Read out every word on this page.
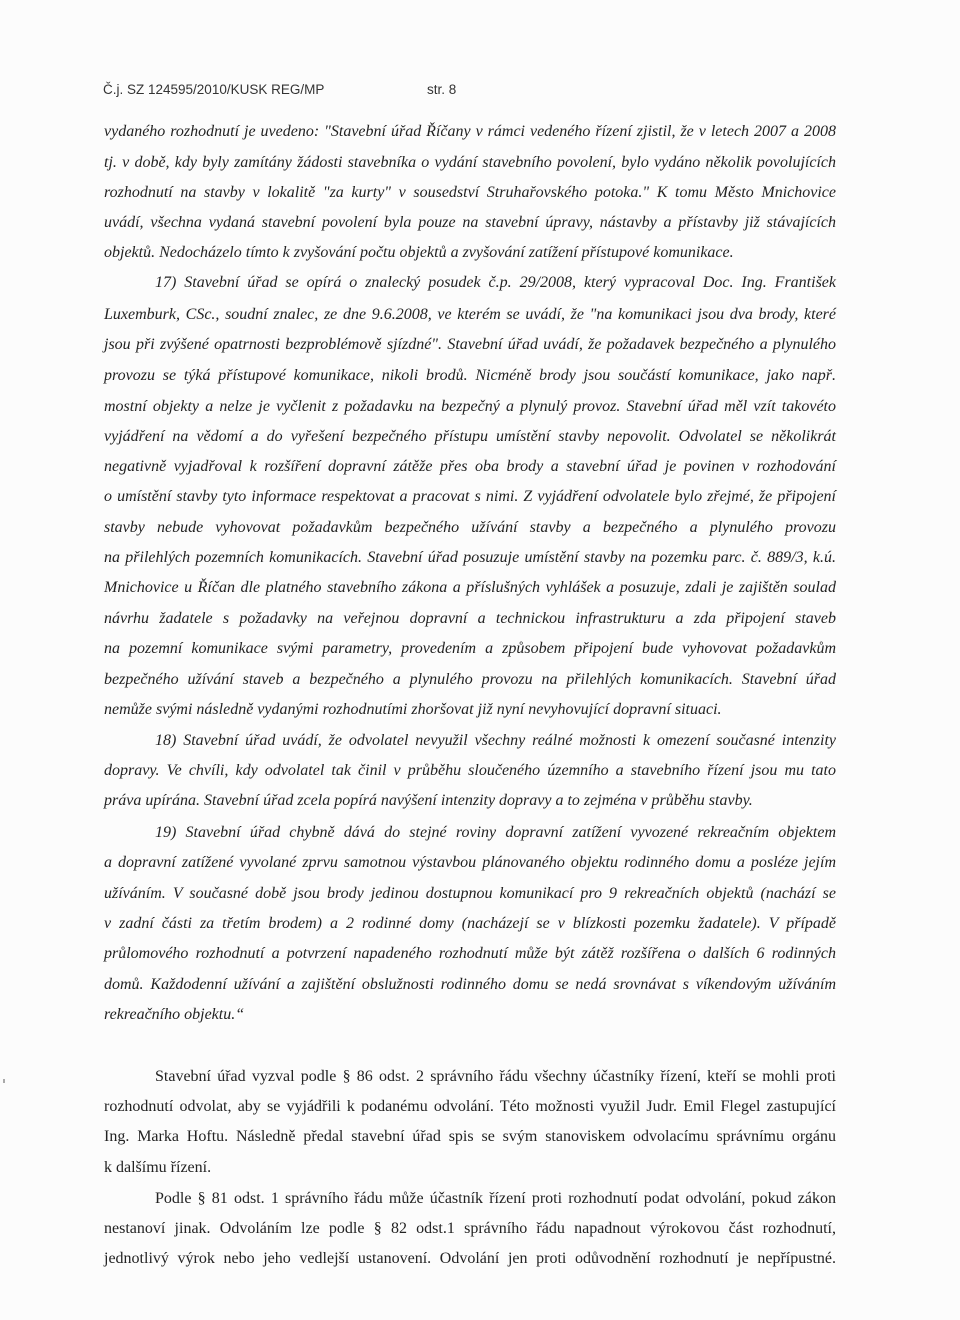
Č.j. SZ 124595/2010/KUSK REG/MP	str. 8
vydaného rozhodnutí je uvedeno: "Stavební úřad Říčany v rámci vedeného řízení zjistil, že v letech 2007 a 2008
tj. v době, kdy byly zamítány žádosti stavebníka o vydání stavebního povolení, bylo vydáno několik povolujících
rozhodnutí na stavby v lokalitě "za kurty" v sousedství Struhařovského potoka." K tomu Město Mnichovice
uvádí, všechna vydaná stavební povolení byla pouze na stavební úpravy, nástavby a přístavby již stávajících
objektů. Nedocházelo tímto k zvyšování počtu objektů a zvyšování zatížení přístupové komunikace.
17) Stavební úřad se opírá o znalecký posudek č.p. 29/2008, který vypracoval Doc. Ing. František
Luxemburk, CSc., soudní znalec, ze dne 9.6.2008, ve kterém se uvádí, že "na komunikaci jsou dva brody, které
jsou při zvýšené opatrnosti bezproblémově sjízdné". Stavební úřad uvádí, že požadavek bezpečného a plynulého
provozu se týká přístupové komunikace, nikoli brodů. Nicméně brody jsou součástí komunikace, jako např.
mostní objekty a nelze je vyčlenit z požadavku na bezpečný a plynulý provoz. Stavební úřad měl vzít takovéto
vyjádření na vědomí a do vyřešení bezpečného přístupu umístění stavby nepovolit. Odvolatel se několikrát
negativně vyjadřoval k rozšíření dopravní zátěže přes oba brody a stavební úřad je povinen v rozhodování
o umístění stavby tyto informace respektovat a pracovat s nimi. Z vyjádření odvolatele bylo zřejmé, že připojení
stavby nebude vyhovovat požadavkům bezpečného užívání stavby a bezpečného a plynulého provozu
na přilehlých pozemních komunikacích. Stavební úřad posuzuje umístění stavby na pozemku parc. č. 889/3, k.ú.
Mnichovice u Říčan dle platného stavebního zákona a příslušných vyhlášek a posuzuje, zdali je zajištěn soulad
návrhu žadatele s požadavky na veřejnou dopravní a technickou infrastrukturu a zda připojení staveb
na pozemní komunikace svými parametry, provedením a způsobem připojení bude vyhovovat požadavkům
bezpečného užívání staveb a bezpečného a plynulého provozu na přilehlých komunikacích. Stavební úřad
nemůže svými následně vydanými rozhodnutími zhoršovat již nyní nevyhovující dopravní situaci.
18) Stavební úřad uvádí, že odvolatel nevyužil všechny reálné možnosti k omezení současné intenzity
dopravy. Ve chvíli, kdy odvolatel tak činil v průběhu sloučeného územního a stavebního řízení jsou mu tato
práva upírána. Stavební úřad zcela popírá navýšení intenzity dopravy a to zejména v průběhu stavby.
19) Stavební úřad chybně dává do stejné roviny dopravní zatížení vyvozené rekreačním objektem
a dopravní zatížené vyvolané zprvu samotnou výstavbou plánovaného objektu rodinného domu a posléze jejím
užíváním. V současné době jsou brody jedinou dostupnou komunikací pro 9 rekreačních objektů (nachází se
v zadní části za třetím brodem) a 2 rodinné domy (nacházejí se v blízkosti pozemku žadatele). V případě
průlomového rozhodnutí a potvrzení napadeného rozhodnutí může být zátěž rozšířena o dalších 6 rodinných
domů. Každodenní užívání a zajištění obslužnosti rodinného domu se nedá srovnávat s víkendovým užíváním
rekreačního objektu.“
Stavební úřad vyzval podle § 86 odst. 2 správního řádu všechny účastníky řízení, kteří se mohli proti
rozhodnutí odvolat, aby se vyjádřili k podanému odvolání. Této možnosti využil Judr. Emil Flegel zastupující
Ing. Marka Hoftu. Následně předal stavební úřad spis se svým stanoviskem odvolacímu správnímu orgánu
k dalšímu řízení.
Podle § 81 odst. 1 správního řádu může účastník řízení proti rozhodnutí podat odvolání, pokud zákon
nestanoví jinak. Odvoláním lze podle § 82 odst.1 správního řádu napadnout výrokovou část rozhodnutí,
jednotlivý výrok nebo jeho vedlejší ustanovení. Odvolání jen proti odůvodnění rozhodnutí je nepřípustné.
